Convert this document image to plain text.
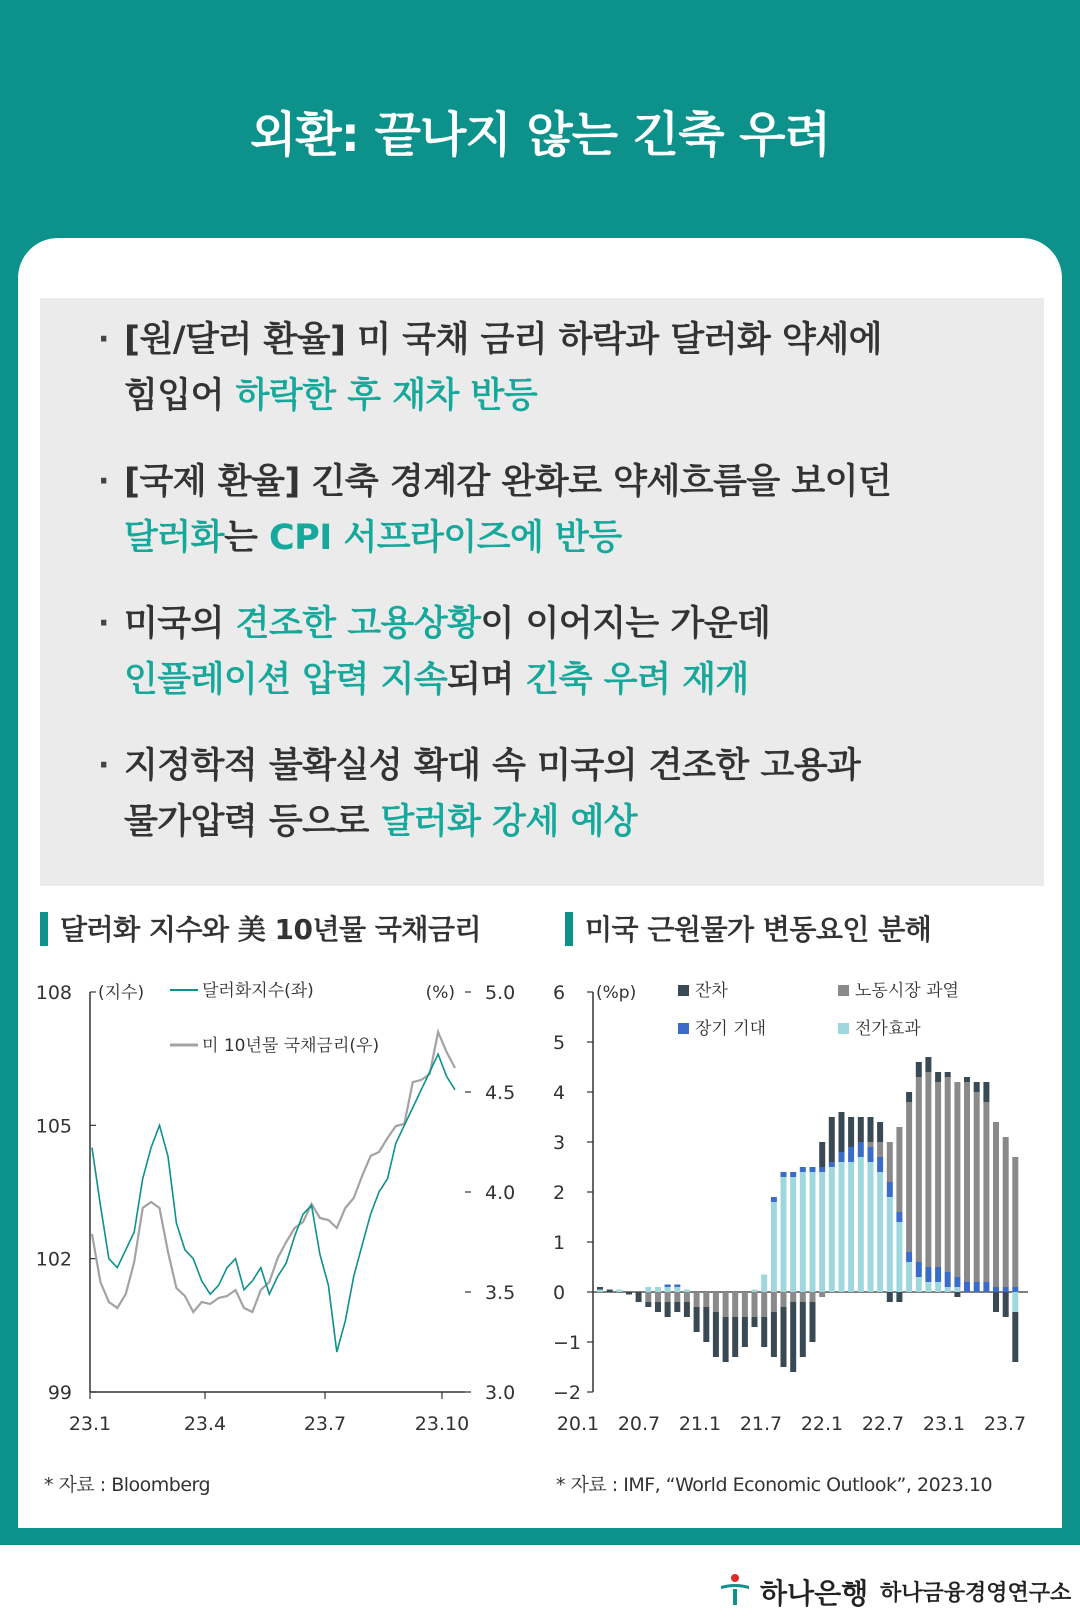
외환: 끝나지 않는 긴축 우려
· [원/달러 환율] 미 국채 금리 하락과 달러화 약세에
힘입어 하락한 후 재차 반등
· [국제 환율] 긴축 경계감 완화로 약세흐름을 보이던
달러화는 CPI 서프라이즈에 반등
· 미국의 견조한 고용상황이 이어지는 가운데
인플레이션 압력 지속되며 긴축 우려 재개
· 지정학적 불확실성 확대 속 미국의 견조한 고용과
물가압력 등으로 달러화 강세 예상
달러화 지수와 美 10년물 국채금리
108
105
102
99
5.0
4.5
4.0
3.5
3.0
(지수)	(%)
23.1	23.4	23.7	23.10
달러화지수(좌)
미 10년물 국채금리(우)
* 자료 : Bloomberg
미국 근원물가 변동요인 분해
6
5
4
3
2
1
0
−1
−2
(%p)
20.1 20.7 21.1 21.7 22.1 22.7 23.1 23.7
잔차	노동시장 과열
장기 기대	전가효과
* 자료 : IMF, “World Economic Outlook”, 2023.10
하나은행 하나금융경영연구소
